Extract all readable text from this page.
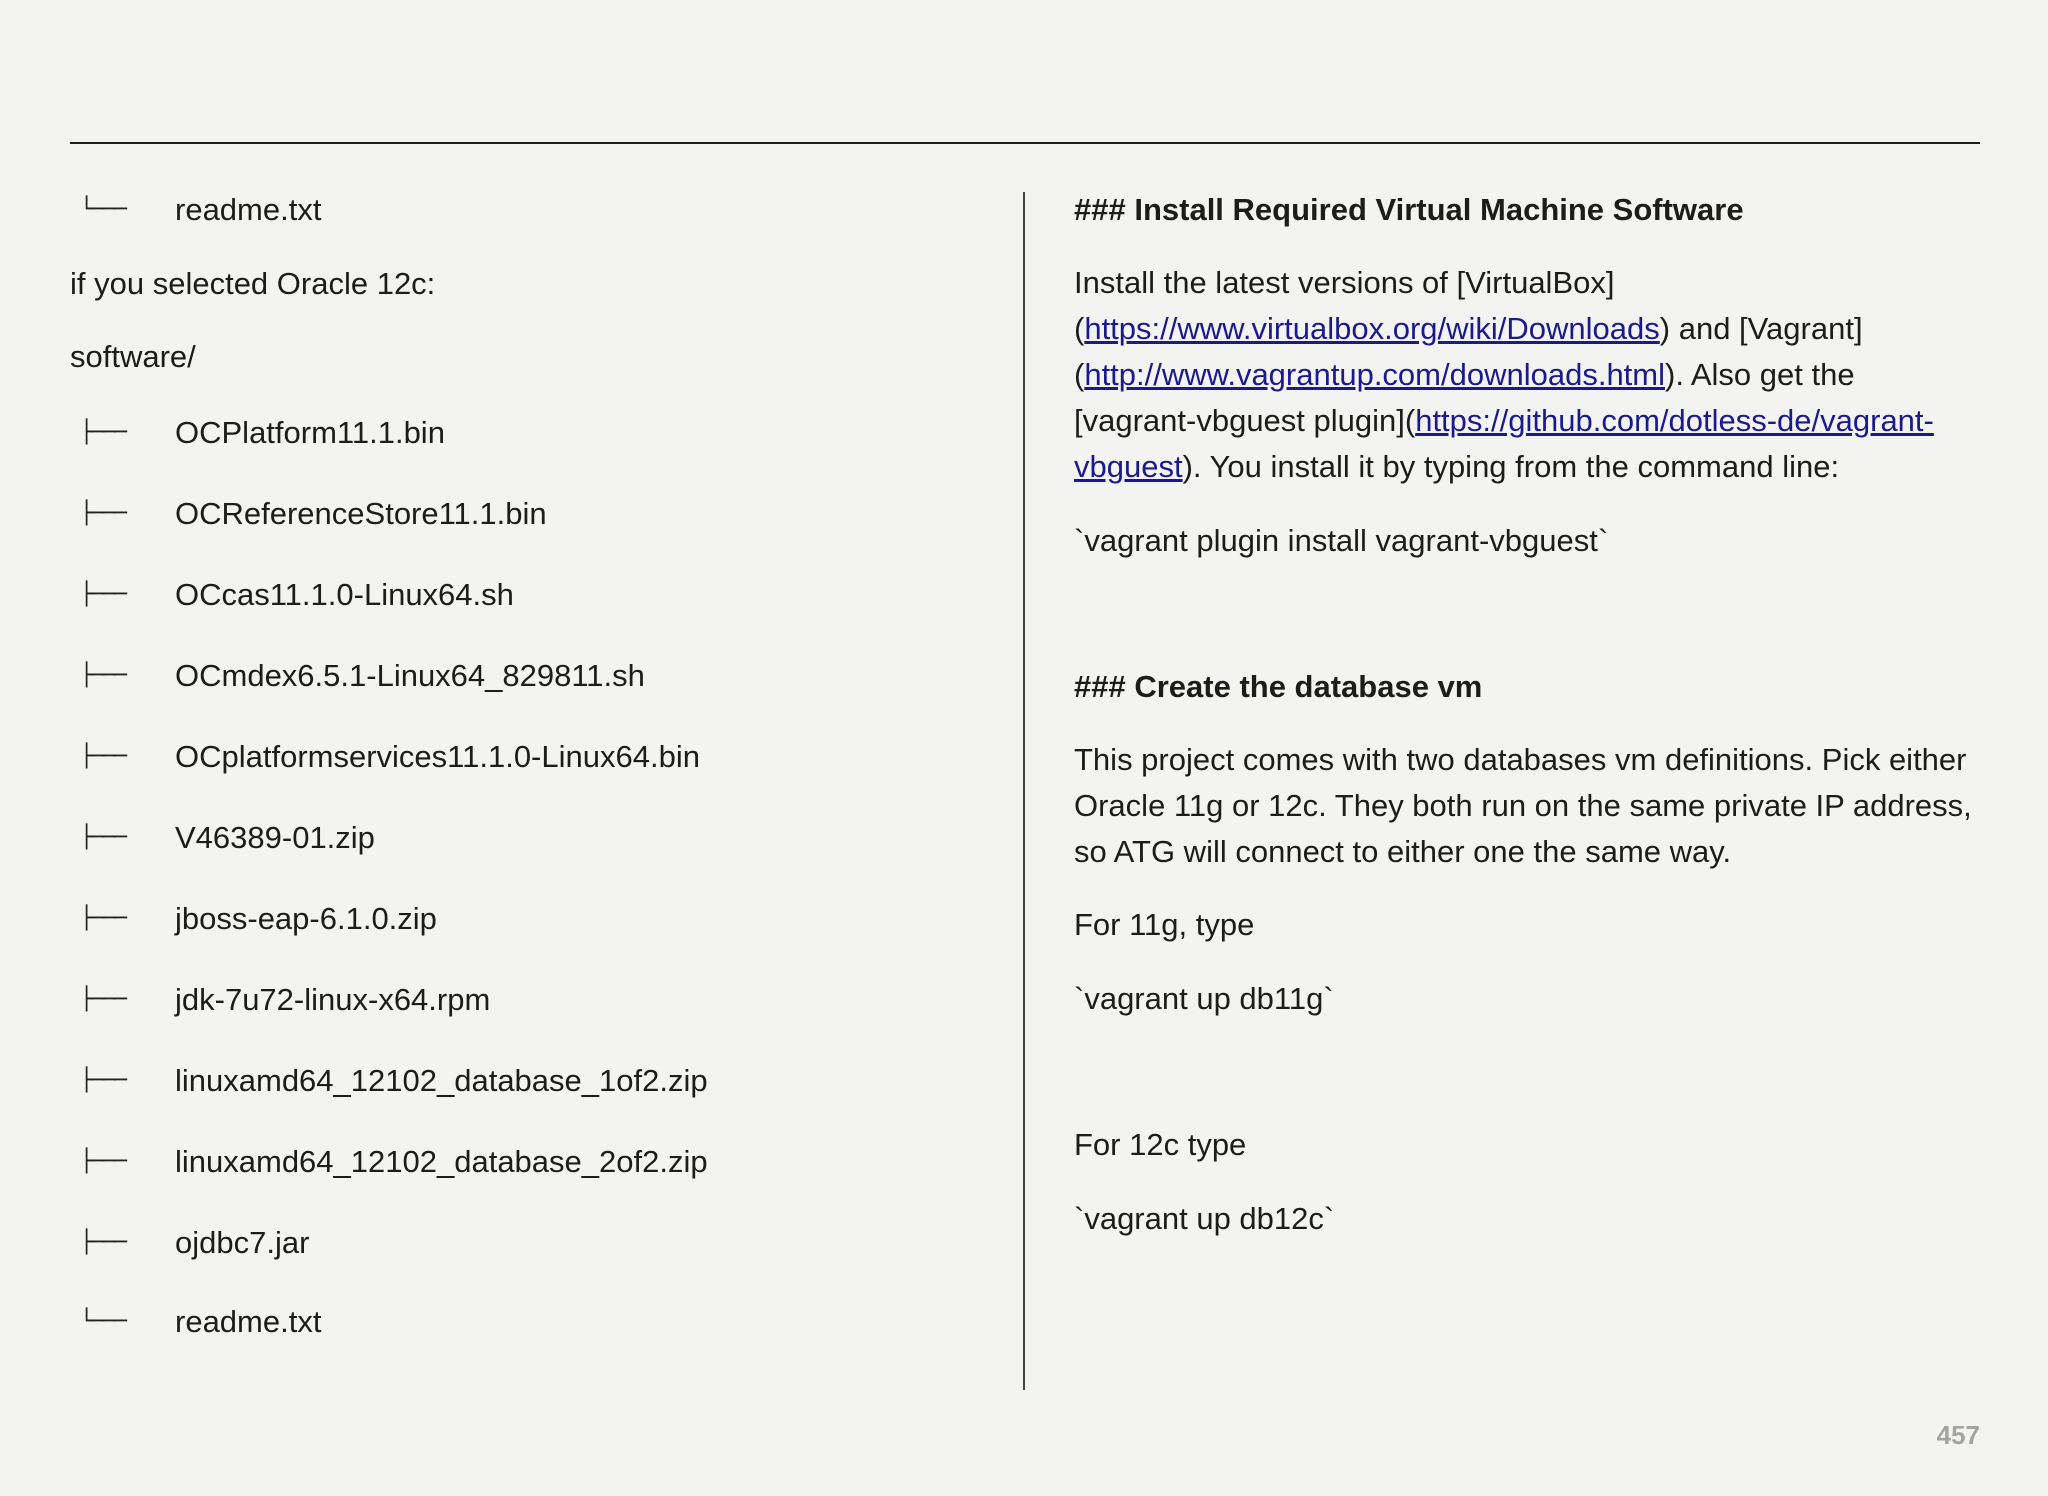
└─── readme.txt
if you selected Oracle 12c:
software/
├─── OCPlatform11.1.bin
├─── OCReferenceStore11.1.bin
├─── OCcas11.1.0-Linux64.sh
├─── OCmdex6.5.1-Linux64_829811.sh
├─── OCplatformservices11.1.0-Linux64.bin
├─── V46389-01.zip
├─── jboss-eap-6.1.0.zip
├─── jdk-7u72-linux-x64.rpm
├─── linuxamd64_12102_database_1of2.zip
├─── linuxamd64_12102_database_2of2.zip
├─── ojdbc7.jar
└─── readme.txt

### Install Required Virtual Machine Software

Install the latest versions of [VirtualBox](https://www.virtualbox.org/wiki/Downloads) and [Vagrant](http://www.vagrantup.com/downloads.html). Also get the [vagrant-vbguest plugin](https://github.com/dotless-de/vagrant-vbguest). You install it by typing from the command line:

`vagrant plugin install vagrant-vbguest`

### Create the database vm

This project comes with two databases vm definitions. Pick either Oracle 11g or 12c. They both run on the same private IP address, so ATG will connect to either one the same way.

For 11g, type

`vagrant up db11g`

For 12c type

`vagrant up db12c`

457
